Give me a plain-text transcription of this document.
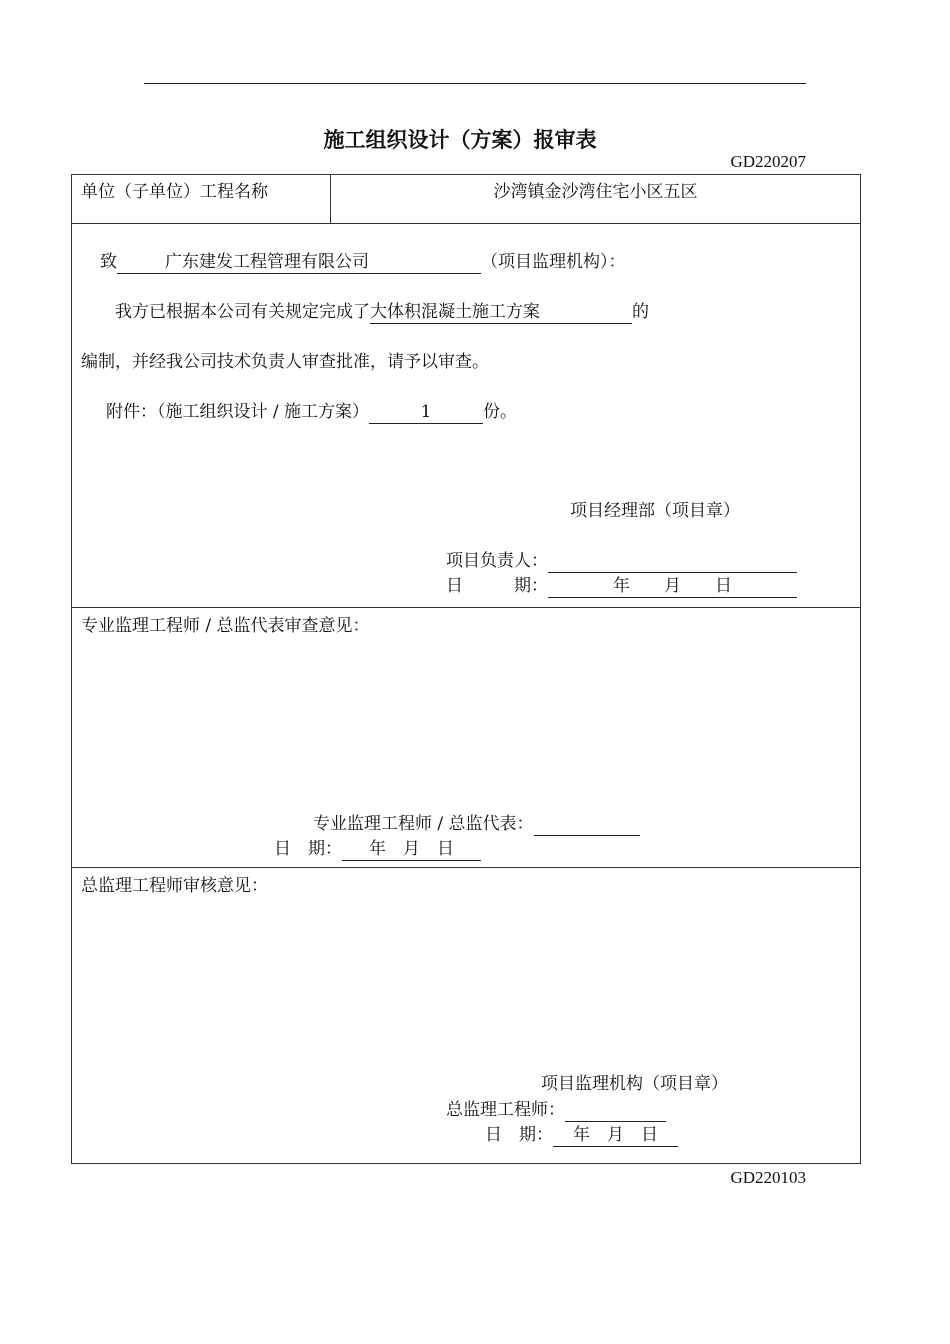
施工组织设计（方案）报审表
GD220207
单位（子单位）工程名称	沙湾镇金沙湾住宅小区五区
致	广东建发工程管理有限公司	（项目监理机构）：
我方已根据本公司有关规定完成了大体积混凝土施工方案	的
编制，并经我公司技术负责人审查批准，请予以审查。
附件：（施工组织设计 / 施工方案）	1	份。
项目经理部（项目章）
项目负责人：
日　　　期：	年　　月　　日
专业监理工程师 / 总监代表审查意见：
专业监理工程师 / 总监代表：
日　期： 年　月　日
总监理工程师审核意见：
项目监理机构（项目章）
总监理工程师：
日　期： 年　月　日
GD220103
